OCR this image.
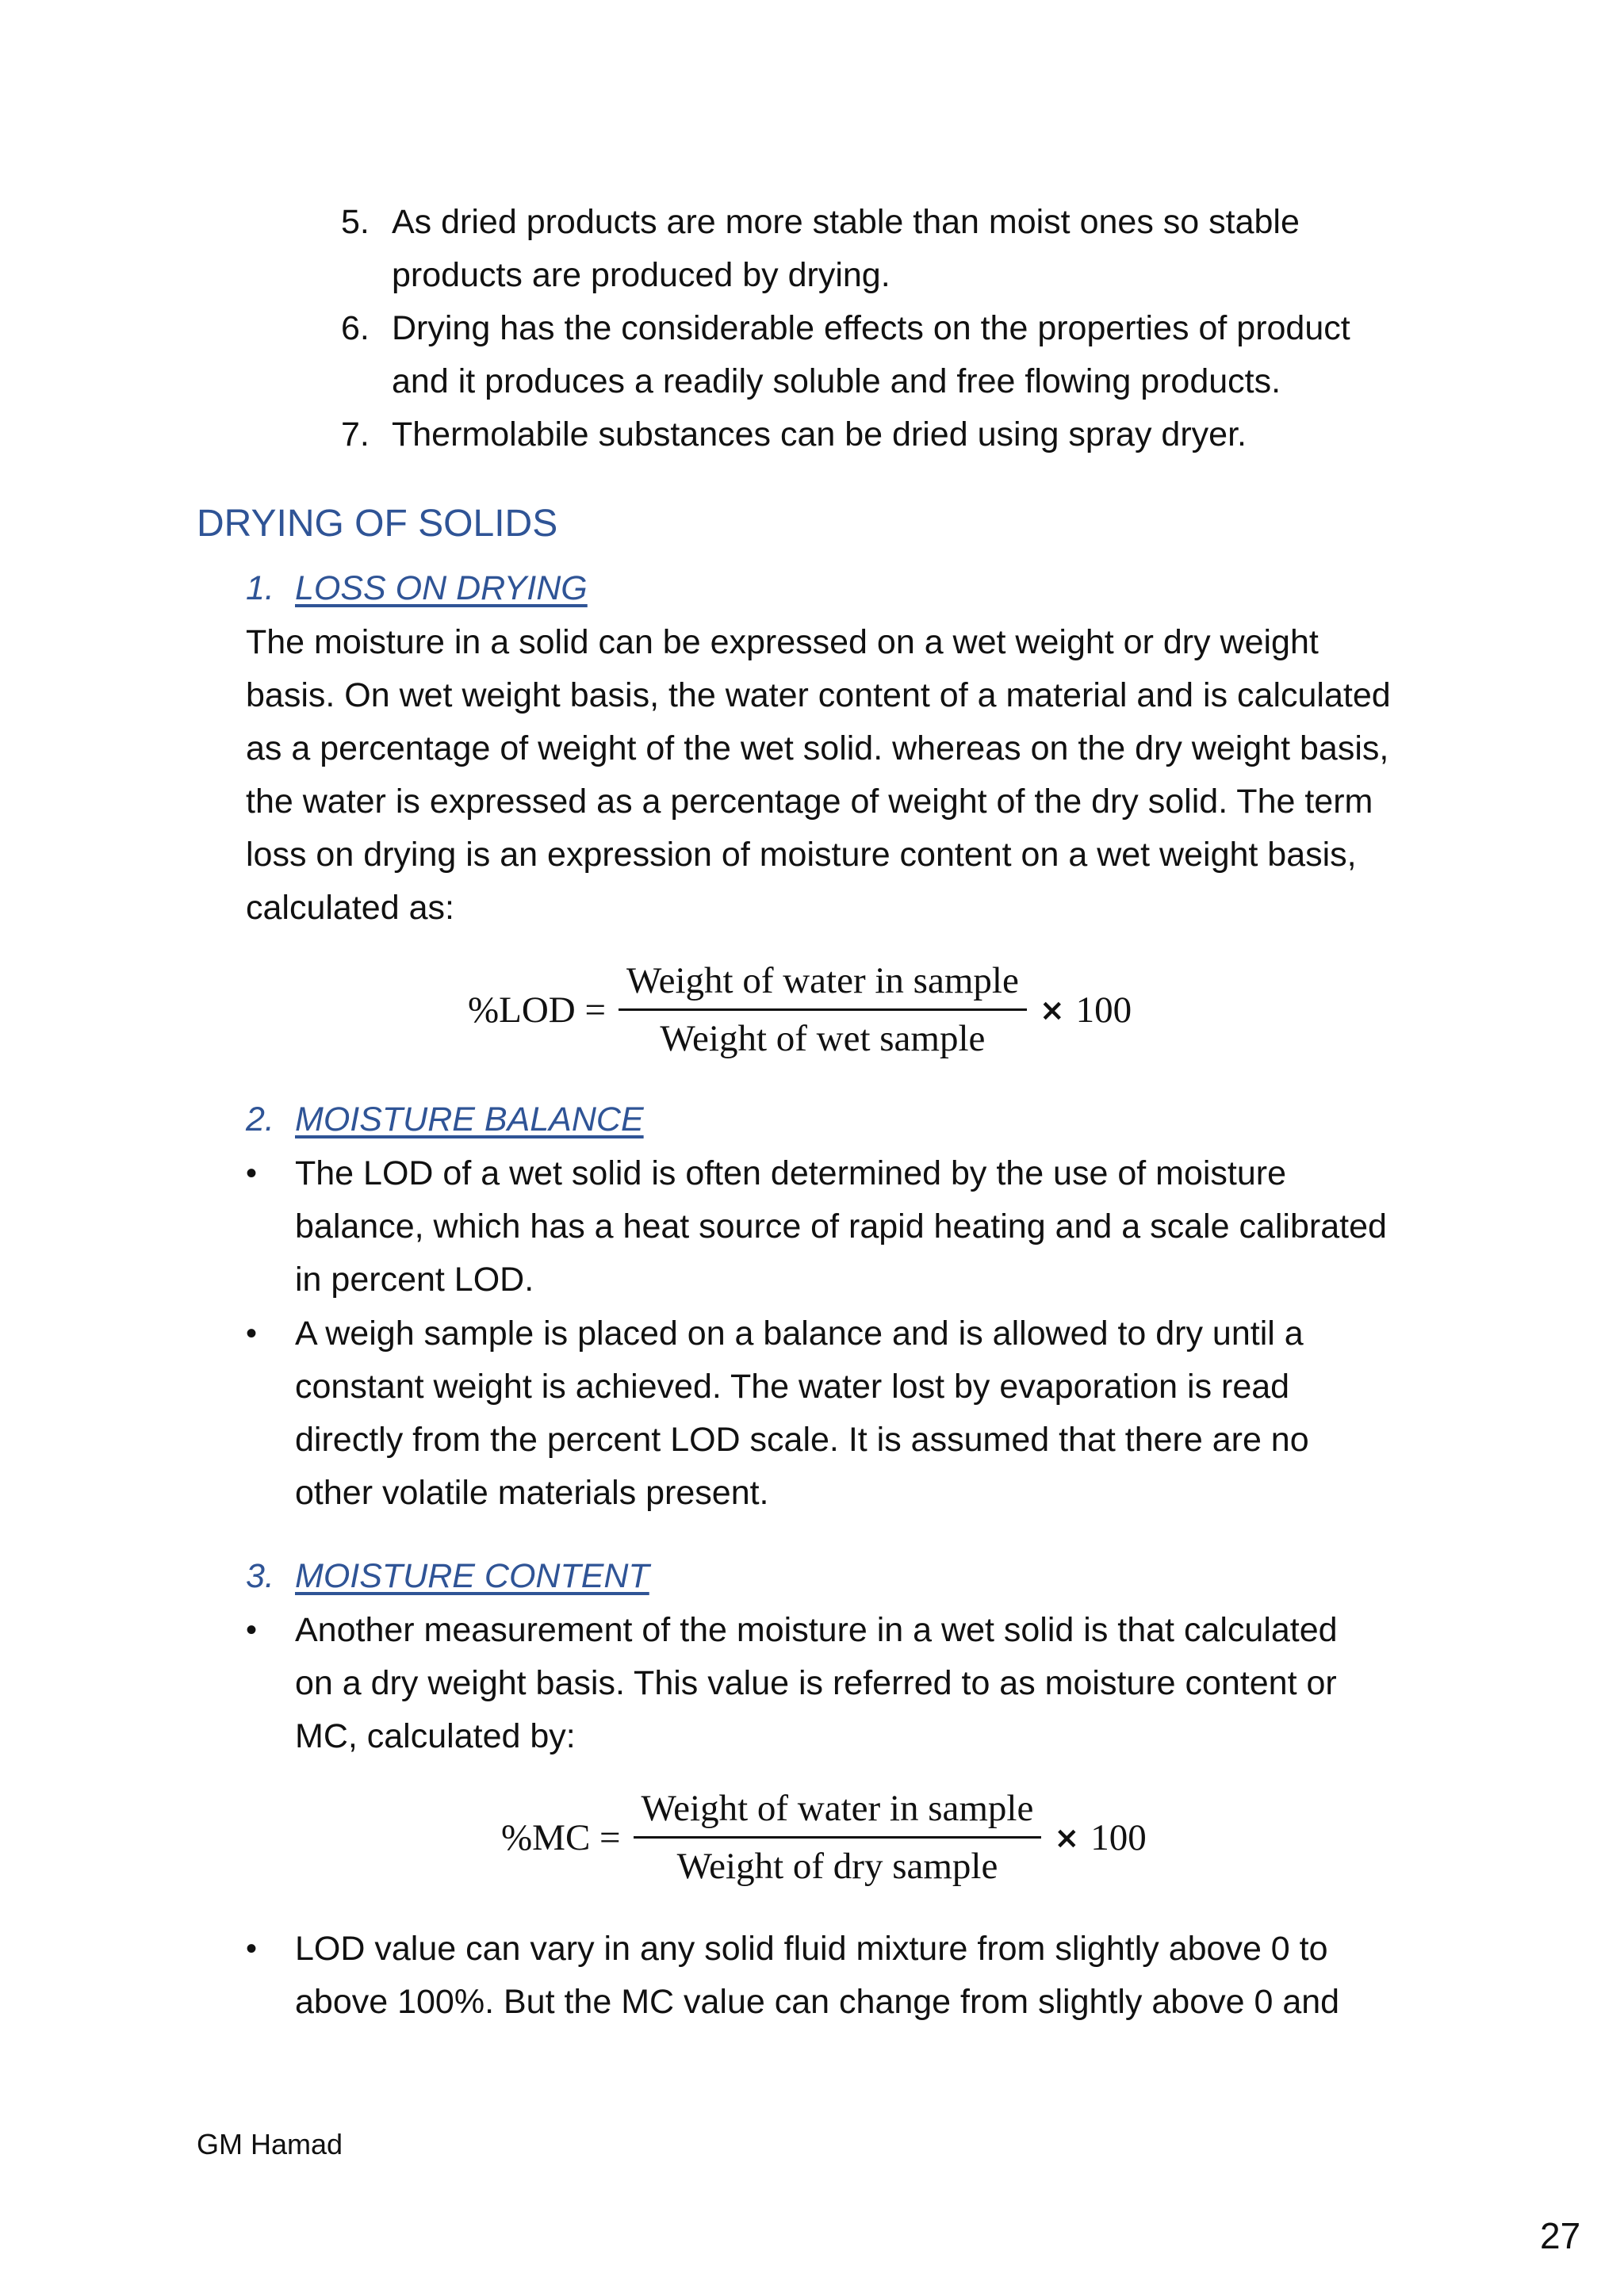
5. As dried products are more stable than moist ones so stable
products are produced by drying.
6. Drying has the considerable effects on the properties of product
and it produces a readily soluble and free flowing products.
7. Thermolabile substances can be dried using spray dryer.
DRYING OF SOLIDS
1. LOSS ON DRYING
The moisture in a solid can be expressed on a wet weight or dry weight
basis. On wet weight basis, the water content of a material and is calculated
as a percentage of weight of the wet solid. whereas on the dry weight basis,
the water is expressed as a percentage of weight of the dry solid. The term
loss on drying is an expression of moisture content on a wet weight basis,
calculated as:
$\%LOD = \frac{\text{Weight of water in sample}}{\text{Weight of wet sample}} \times 100$
2. MOISTURE BALANCE
• The LOD of a wet solid is often determined by the use of moisture
balance, which has a heat source of rapid heating and a scale calibrated
in percent LOD.
• A weigh sample is placed on a balance and is allowed to dry until a
constant weight is achieved. The water lost by evaporation is read
directly from the percent LOD scale. It is assumed that there are no
other volatile materials present.
3. MOISTURE CONTENT
• Another measurement of the moisture in a wet solid is that calculated
on a dry weight basis. This value is referred to as moisture content or
MC, calculated by:
$\%MC = \frac{\text{Weight of water in sample}}{\text{Weight of dry sample}} \times 100$
• LOD value can vary in any solid fluid mixture from slightly above 0 to
above 100%. But the MC value can change from slightly above 0 and
GM Hamad
27
